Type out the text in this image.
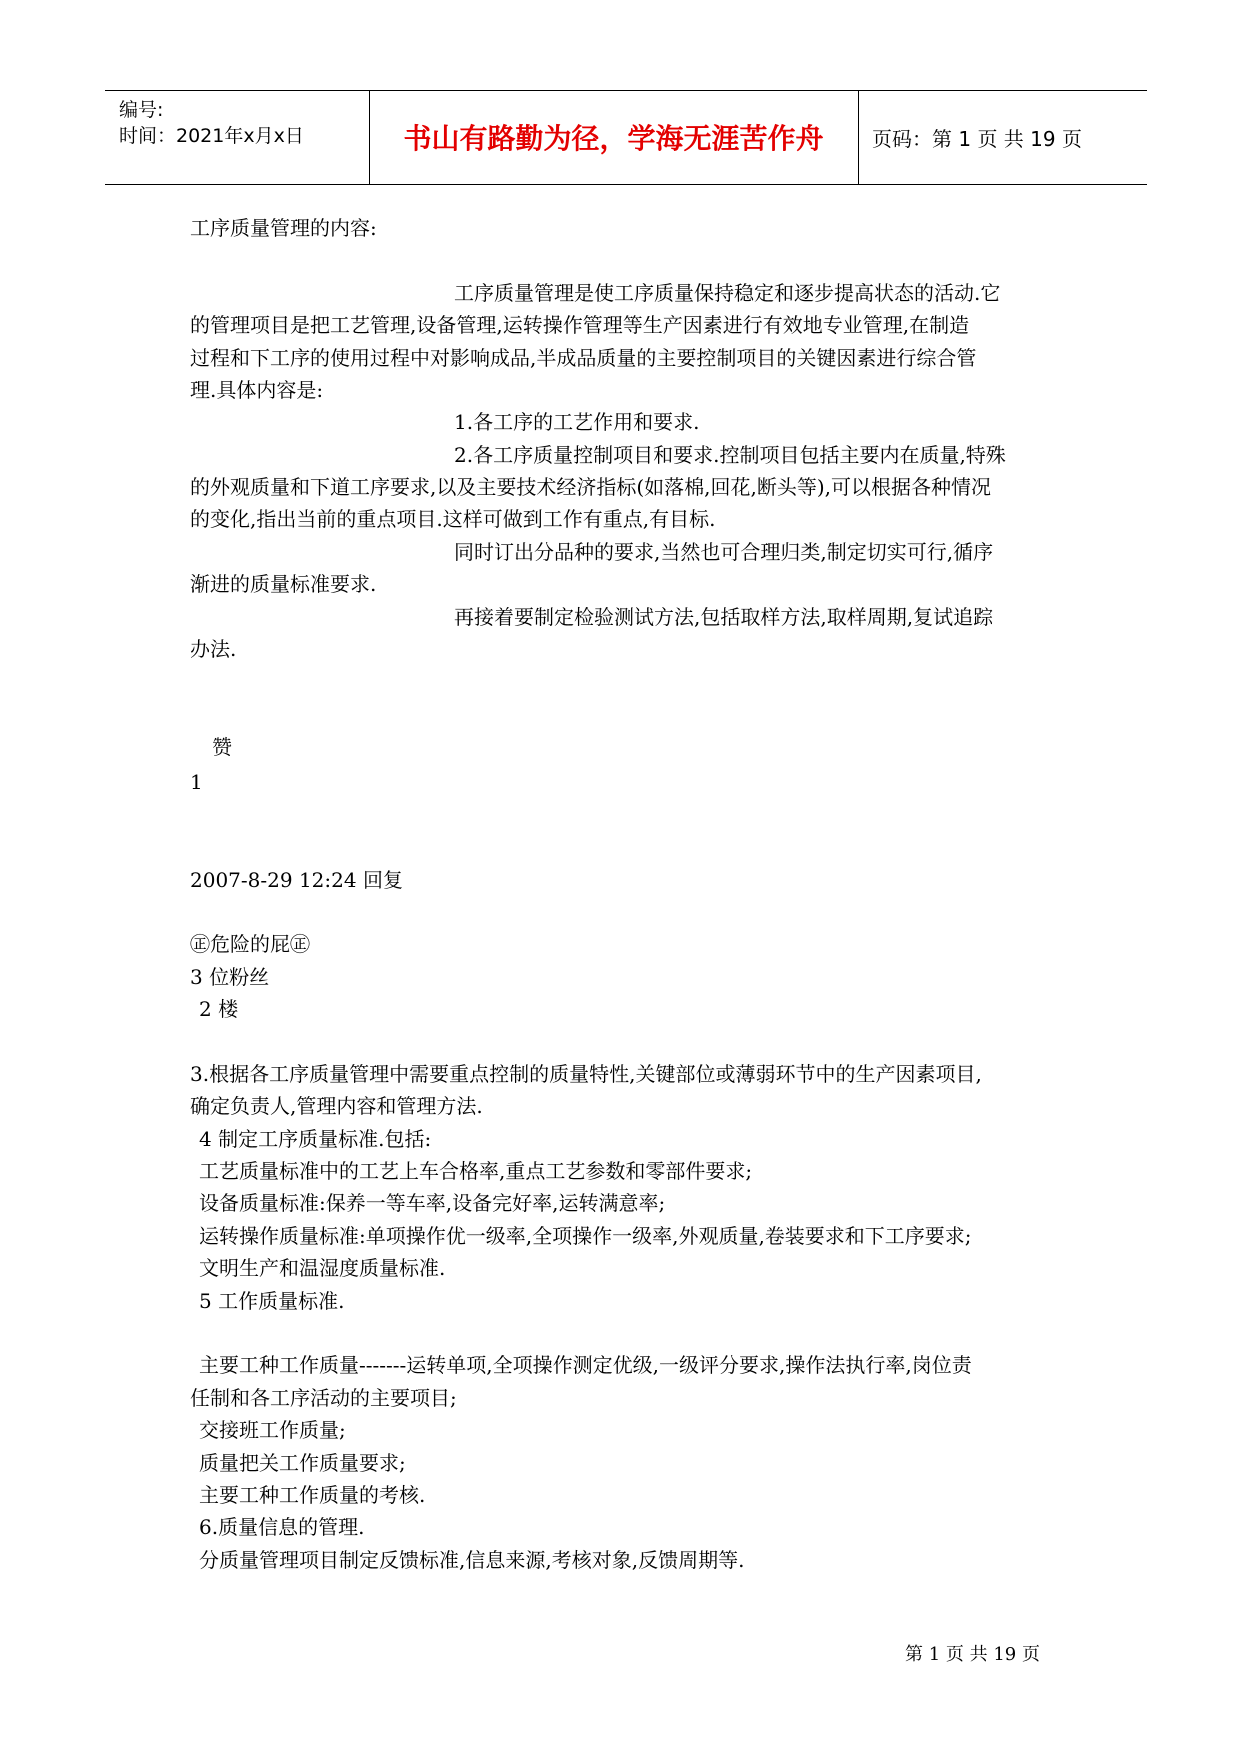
编号:
时间：2021年x月x日	书山有路勤为径，学海无涯苦作舟	页码：第 1 页 共 19 页
工序质量管理的内容:
工序质量管理是使工序质量保持稳定和逐步提高状态的活动.它
的管理项目是把工艺管理,设备管理,运转操作管理等生产因素进行有效地专业管理,在制造
过程和下工序的使用过程中对影响成品,半成品质量的主要控制项目的关键因素进行综合管
理.具体内容是:
1.各工序的工艺作用和要求.
2.各工序质量控制项目和要求.控制项目包括主要内在质量,特殊
的外观质量和下道工序要求,以及主要技术经济指标(如落棉,回花,断头等),可以根据各种情况
的变化,指出当前的重点项目.这样可做到工作有重点,有目标.
同时订出分品种的要求,当然也可合理归类,制定切实可行,循序
渐进的质量标准要求.
再接着要制定检验测试方法,包括取样方法,取样周期,复试追踪
办法.
赞
1
2007-8-29 12:24 回复
㊣危险的屁㊣
3 位粉丝
2 楼
3.根据各工序质量管理中需要重点控制的质量特性,关键部位或薄弱环节中的生产因素项目,
确定负责人,管理内容和管理方法.
4 制定工序质量标准.包括:
工艺质量标准中的工艺上车合格率,重点工艺参数和零部件要求;
设备质量标准:保养一等车率,设备完好率,运转满意率;
运转操作质量标准:单项操作优一级率,全项操作一级率,外观质量,卷装要求和下工序要求;
文明生产和温湿度质量标准.
5 工作质量标准.
主要工种工作质量-------运转单项,全项操作测定优级,一级评分要求,操作法执行率,岗位责
任制和各工序活动的主要项目;
交接班工作质量;
质量把关工作质量要求;
主要工种工作质量的考核.
6.质量信息的管理.
分质量管理项目制定反馈标准,信息来源,考核对象,反馈周期等.
第 1 页 共 19 页
